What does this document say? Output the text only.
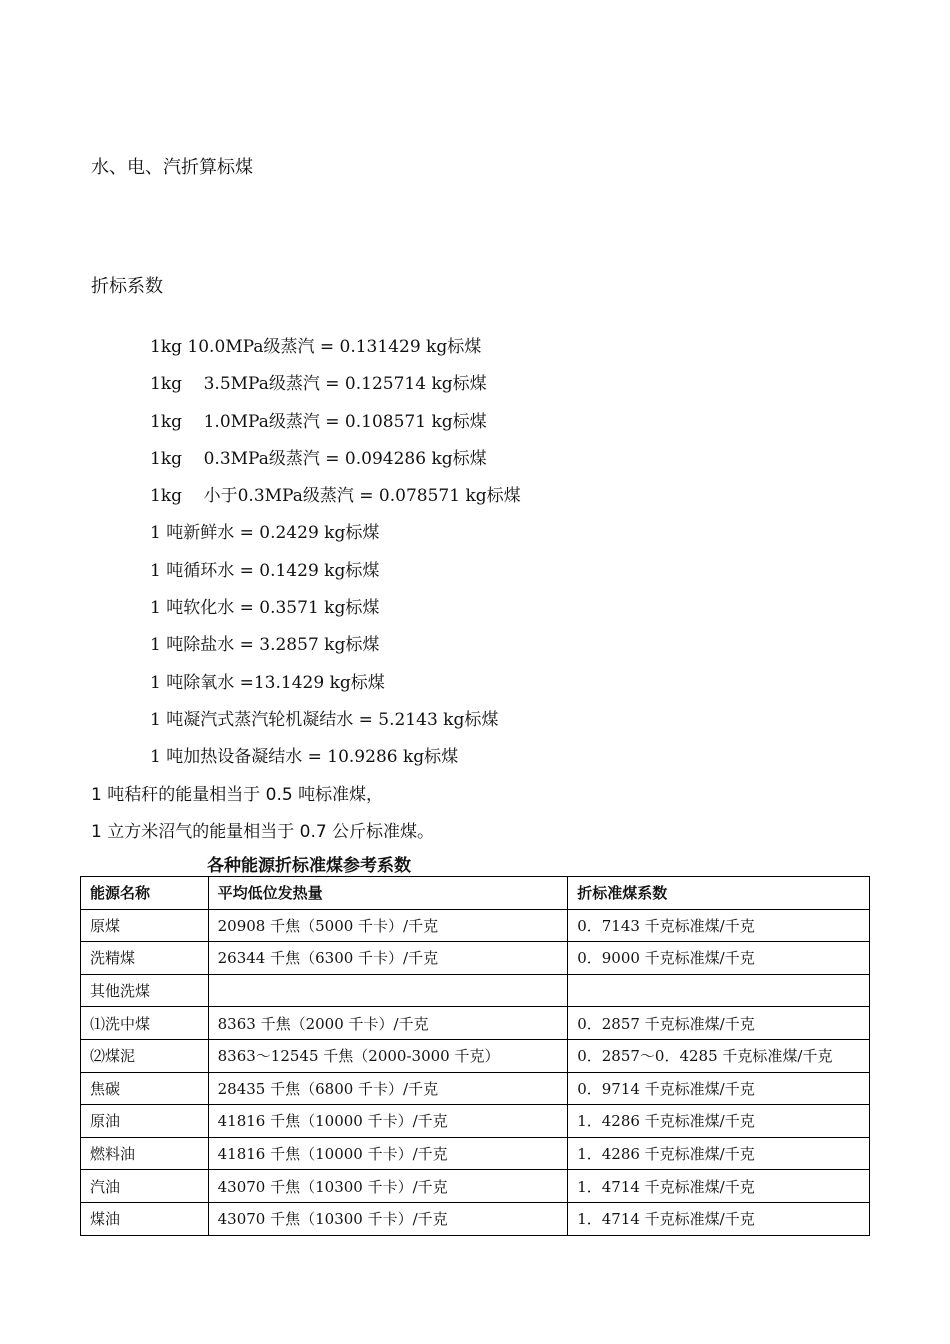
水、电、汽折算标煤
折标系数
1kg 10.0MPa级蒸汽 = 0.131429 kg标煤
1kg    3.5MPa级蒸汽 = 0.125714 kg标煤
1kg    1.0MPa级蒸汽 = 0.108571 kg标煤
1kg    0.3MPa级蒸汽 = 0.094286 kg标煤
1kg    小于0.3MPa级蒸汽 = 0.078571 kg标煤
1 吨新鲜水 = 0.2429 kg标煤
1 吨循环水 = 0.1429 kg标煤
1 吨软化水 = 0.3571 kg标煤
1 吨除盐水 = 3.2857 kg标煤
1 吨除氧水 =13.1429 kg标煤
1 吨凝汽式蒸汽轮机凝结水 = 5.2143 kg标煤
1 吨加热设备凝结水 = 10.9286 kg标煤
1 吨秸秆的能量相当于 0.5 吨标准煤，
1 立方米沼气的能量相当于 0.7 公斤标准煤。
各种能源折标准煤参考系数
能源名称	平均低位发热量	折标准煤系数
原煤	20908 千焦（5000 千卡）/千克	0．7143 千克标准煤/千克
洗精煤	26344 千焦（6300 千卡）/千克	0．9000 千克标准煤/千克
其他洗煤		
⑴洗中煤	8363 千焦（2000 千卡）/千克	0．2857 千克标准煤/千克
⑵煤泥	8363～12545 千焦（2000-3000 千克）	0．2857～0．4285 千克标准煤/千克
焦碳	28435 千焦（6800 千卡）/千克	0．9714 千克标准煤/千克
原油	41816 千焦（10000 千卡）/千克	1．4286 千克标准煤/千克
燃料油	41816 千焦（10000 千卡）/千克	1．4286 千克标准煤/千克
汽油	43070 千焦（10300 千卡）/千克	1．4714 千克标准煤/千克
煤油	43070 千焦（10300 千卡）/千克	1．4714 千克标准煤/千克
